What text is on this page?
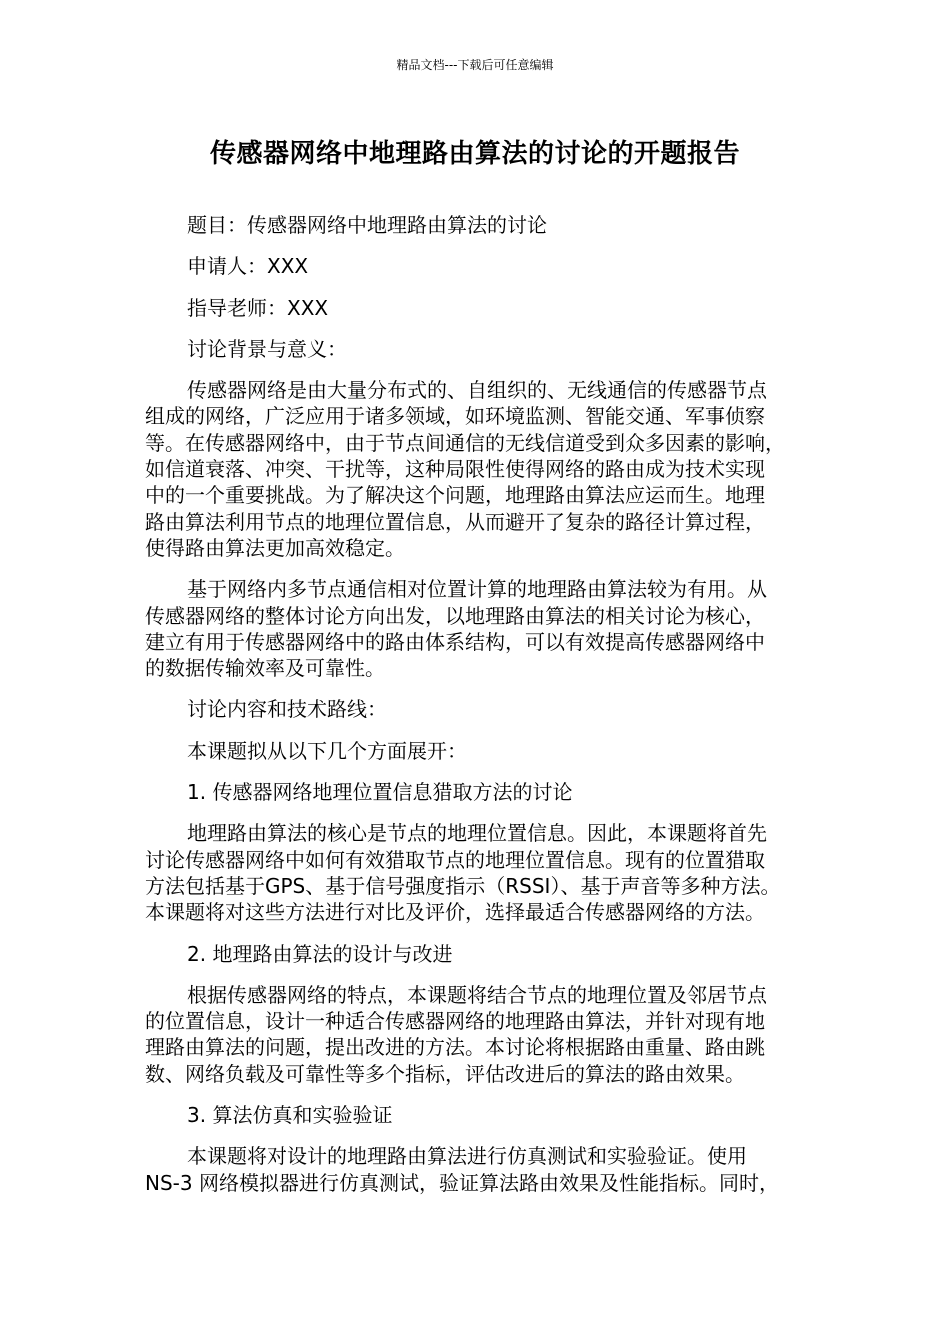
精品文档---下载后可任意编辑
传感器网络中地理路由算法的讨论的开题报告
题目：传感器网络中地理路由算法的讨论
申请人：XXX
指导老师：XXX
讨论背景与意义：
传感器网络是由大量分布式的、自组织的、无线通信的传感器节点
组成的网络，广泛应用于诸多领域，如环境监测、智能交通、军事侦察
等。在传感器网络中，由于节点间通信的无线信道受到众多因素的影响，
如信道衰落、冲突、干扰等，这种局限性使得网络的路由成为技术实现
中的一个重要挑战。为了解决这个问题，地理路由算法应运而生。地理
路由算法利用节点的地理位置信息，从而避开了复杂的路径计算过程，
使得路由算法更加高效稳定。
基于网络内多节点通信相对位置计算的地理路由算法较为有用。从
传感器网络的整体讨论方向出发，以地理路由算法的相关讨论为核心，
建立有用于传感器网络中的路由体系结构，可以有效提高传感器网络中
的数据传输效率及可靠性。
讨论内容和技术路线：
本课题拟从以下几个方面展开：
1. 传感器网络地理位置信息猎取方法的讨论
地理路由算法的核心是节点的地理位置信息。因此，本课题将首先
讨论传感器网络中如何有效猎取节点的地理位置信息。现有的位置猎取
方法包括基于GPS、基于信号强度指示（RSSI）、基于声音等多种方法。
本课题将对这些方法进行对比及评价，选择最适合传感器网络的方法。
2. 地理路由算法的设计与改进
根据传感器网络的特点，本课题将结合节点的地理位置及邻居节点
的位置信息，设计一种适合传感器网络的地理路由算法，并针对现有地
理路由算法的问题，提出改进的方法。本讨论将根据路由重量、路由跳
数、网络负载及可靠性等多个指标，评估改进后的算法的路由效果。
3. 算法仿真和实验验证
本课题将对设计的地理路由算法进行仿真测试和实验验证。使用
NS-3 网络模拟器进行仿真测试，验证算法路由效果及性能指标。同时，
